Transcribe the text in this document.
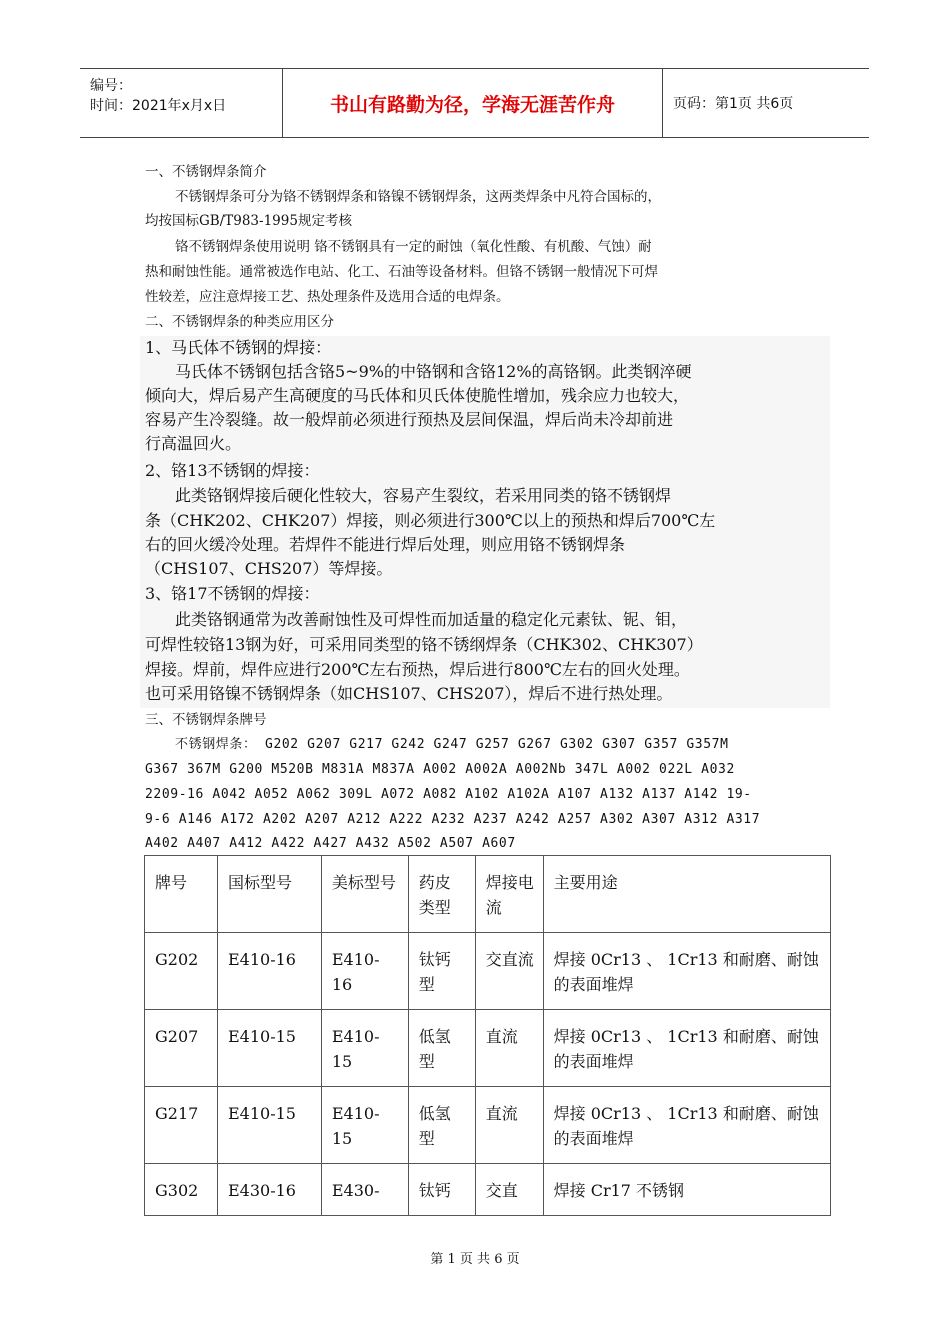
编号：
时间：2021年x月x日	书山有路勤为径，学海无涯苦作舟	页码：第1页 共6页
一、不锈钢焊条简介
不锈钢焊条可分为铬不锈钢焊条和铬镍不锈钢焊条，这两类焊条中凡符合国标的，
均按国标GB/T983-1995规定考核
铬不锈钢焊条使用说明 铬不锈钢具有一定的耐蚀（氧化性酸、有机酸、气蚀）耐
热和耐蚀性能。通常被选作电站、化工、石油等设备材料。但铬不锈钢一般情况下可焊
性较差，应注意焊接工艺、热处理条件及选用合适的电焊条。
二、不锈钢焊条的种类应用区分
1、马氏体不锈钢的焊接：
马氏体不锈钢包括含铬5~9%的中铬钢和含铬12%的高铬钢。此类钢淬硬
倾向大，焊后易产生高硬度的马氏体和贝氏体使脆性增加，残余应力也较大，
容易产生冷裂缝。故一般焊前必须进行预热及层间保温，焊后尚未冷却前进
行高温回火。
2、铬13不锈钢的焊接：
此类铬钢焊接后硬化性较大，容易产生裂纹，若采用同类的铬不锈钢焊
条（CHK202、CHK207）焊接，则必须进行300℃以上的预热和焊后700℃左
右的回火缓冷处理。若焊件不能进行焊后处理，则应用铬不锈钢焊条
（CHS107、CHS207）等焊接。
3、铬17不锈钢的焊接：
此类铬钢通常为改善耐蚀性及可焊性而加适量的稳定化元素钛、铌、钼，
可焊性较铬13钢为好，可采用同类型的铬不锈纲焊条（CHK302、CHK307）
焊接。焊前，焊件应进行200℃左右预热，焊后进行800℃左右的回火处理。
也可采用铬镍不锈钢焊条（如CHS107、CHS207），焊后不进行热处理。
三、不锈钢焊条牌号
不锈钢焊条： G202 G207 G217 G242 G247 G257 G267 G302 G307 G357 G357M
G367 367M G200 M520B M831A M837A A002 A002A A002Nb 347L A002 022L A032
2209-16 A042 A052 A062 309L A072 A082 A102 A102A A107 A132 A137 A142 19-
9-6 A146 A172 A202 A207 A212 A222 A232 A237 A242 A257 A302 A307 A312 A317
A402 A407 A412 A422 A427 A432 A502 A507 A607
牌号	国标型号	美标型号	药皮类型	焊接电流	主要用途
G202	E410-16	E410-16	钛钙型	交直流	焊接 0Cr13 、 1Cr13 和耐磨、耐蚀的表面堆焊
G207	E410-15	E410-15	低氢型	直流	焊接 0Cr13 、 1Cr13 和耐磨、耐蚀的表面堆焊
G217	E410-15	E410-15	低氢型	直流	焊接 0Cr13 、 1Cr13 和耐磨、耐蚀的表面堆焊
G302	E430-16	E430-	钛钙	交直	焊接 Cr17 不锈钢
第 1 页 共 6 页
